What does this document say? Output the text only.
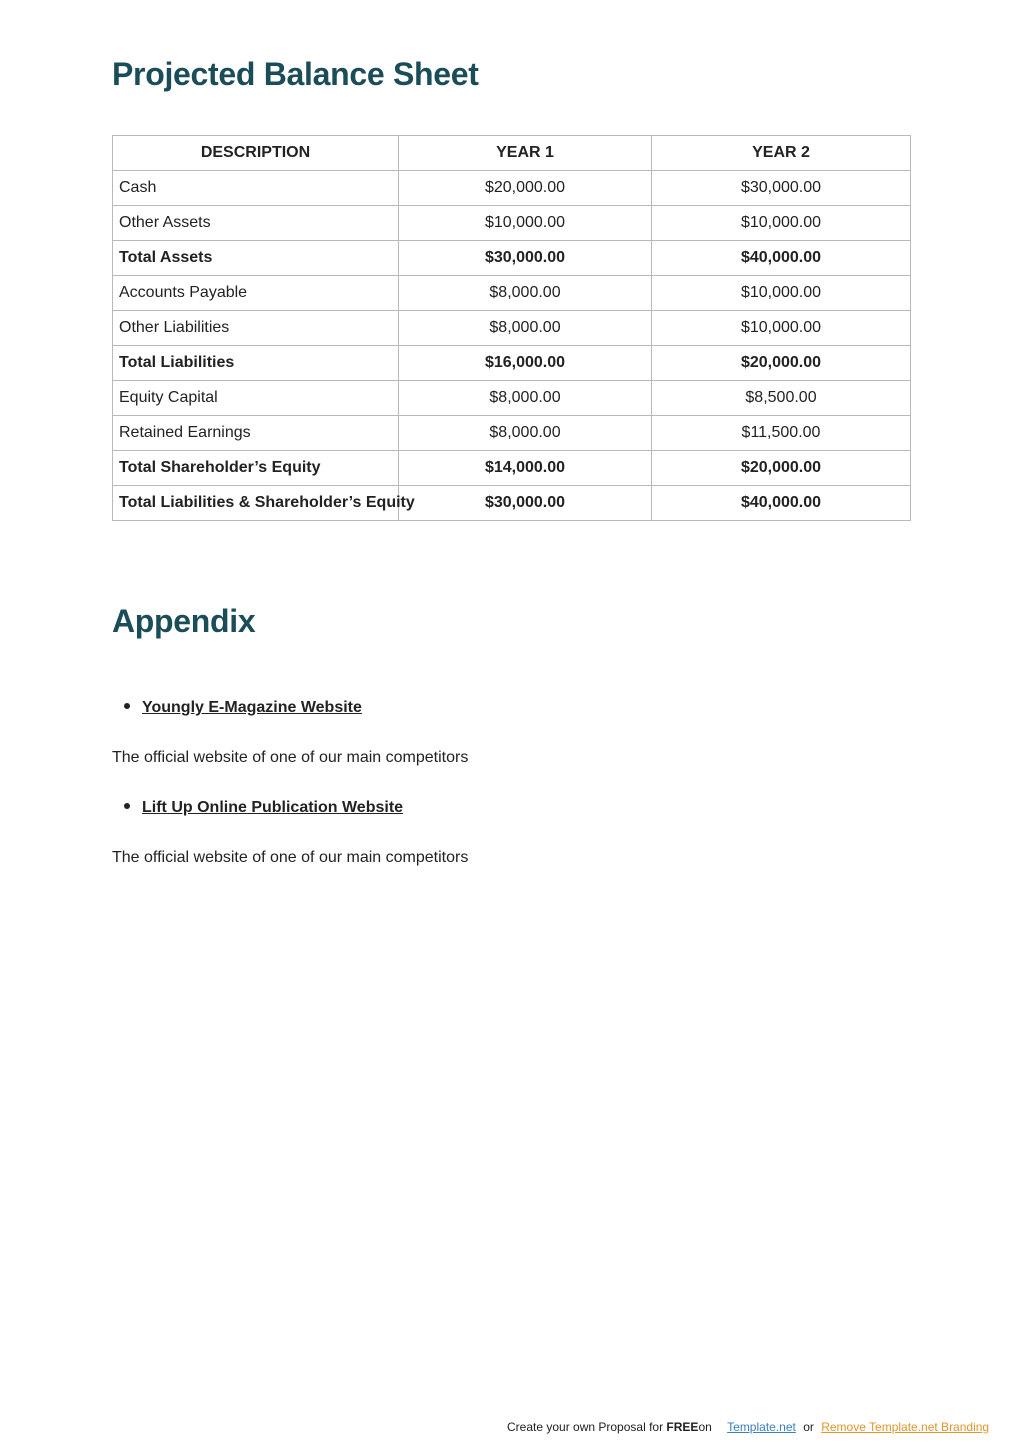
Projected Balance Sheet
DESCRIPTION	YEAR 1	YEAR 2
Cash	$20,000.00	$30,000.00
Other Assets	$10,000.00	$10,000.00
Total Assets	$30,000.00	$40,000.00
Accounts Payable	$8,000.00	$10,000.00
Other Liabilities	$8,000.00	$10,000.00
Total Liabilities	$16,000.00	$20,000.00
Equity Capital	$8,000.00	$8,500.00
Retained Earnings	$8,000.00	$11,500.00
Total Shareholder’s Equity	$14,000.00	$20,000.00
Total Liabilities & Shareholder’s Equity	$30,000.00	$40,000.00
Appendix
Youngly E-Magazine Website

The official website of one of our main competitors

Lift Up Online Publication Website

The official website of one of our main competitors

Create your own Proposal for FREEon Template.net or Remove Template.net Branding
